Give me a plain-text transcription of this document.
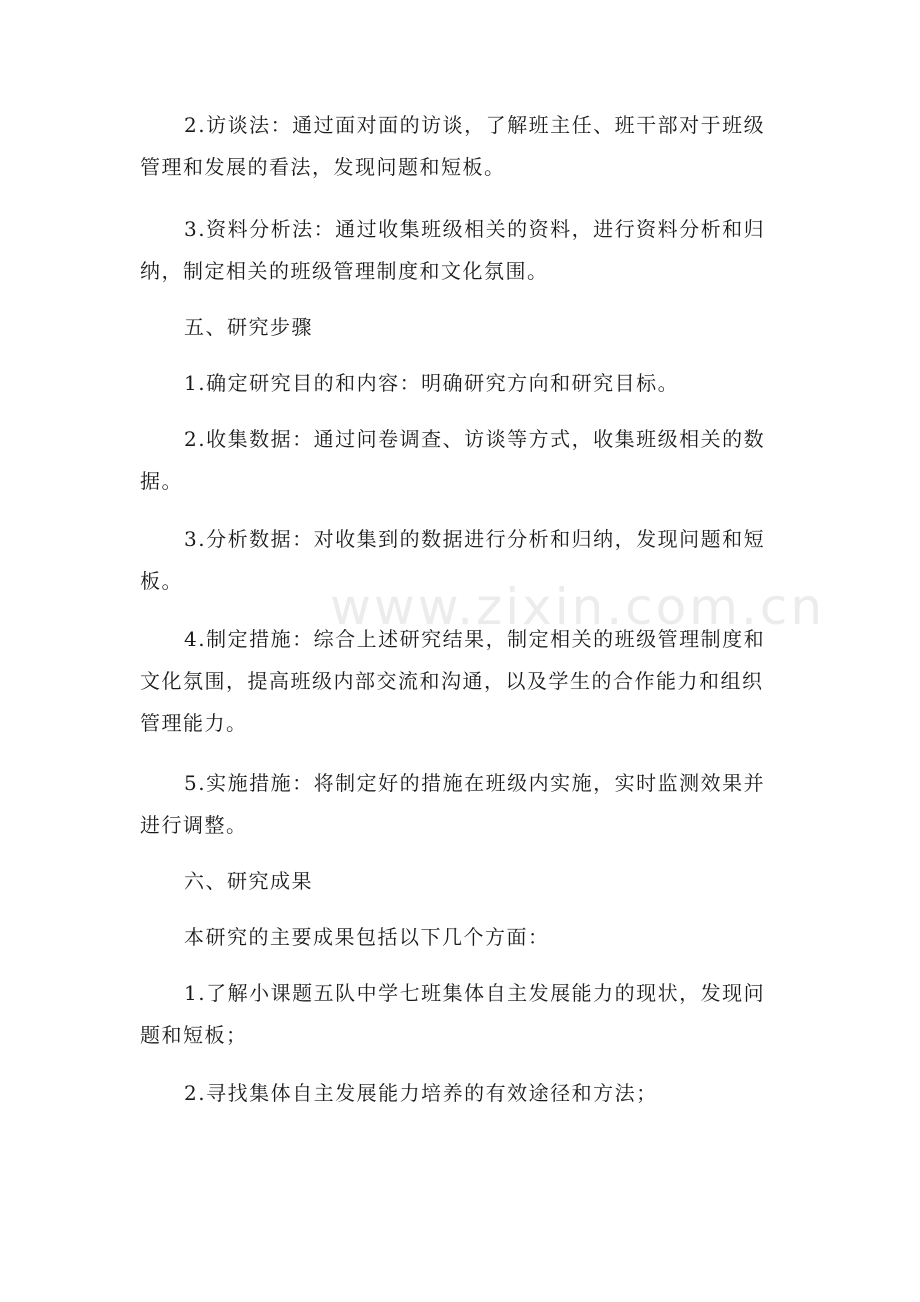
2.访谈法：通过面对面的访谈，了解班主任、班干部对于班级管理和发展的看法，发现问题和短板。

3.资料分析法：通过收集班级相关的资料，进行资料分析和归纳，制定相关的班级管理制度和文化氛围。

五、研究步骤

1.确定研究目的和内容：明确研究方向和研究目标。

2.收集数据：通过问卷调查、访谈等方式，收集班级相关的数据。

3.分析数据：对收集到的数据进行分析和归纳，发现问题和短板。

4.制定措施：综合上述研究结果，制定相关的班级管理制度和文化氛围，提高班级内部交流和沟通，以及学生的合作能力和组织管理能力。

5.实施措施：将制定好的措施在班级内实施，实时监测效果并进行调整。

六、研究成果

本研究的主要成果包括以下几个方面：

1.了解小课题五队中学七班集体自主发展能力的现状，发现问题和短板；

2.寻找集体自主发展能力培养的有效途径和方法；

www.zixin.com.cn
